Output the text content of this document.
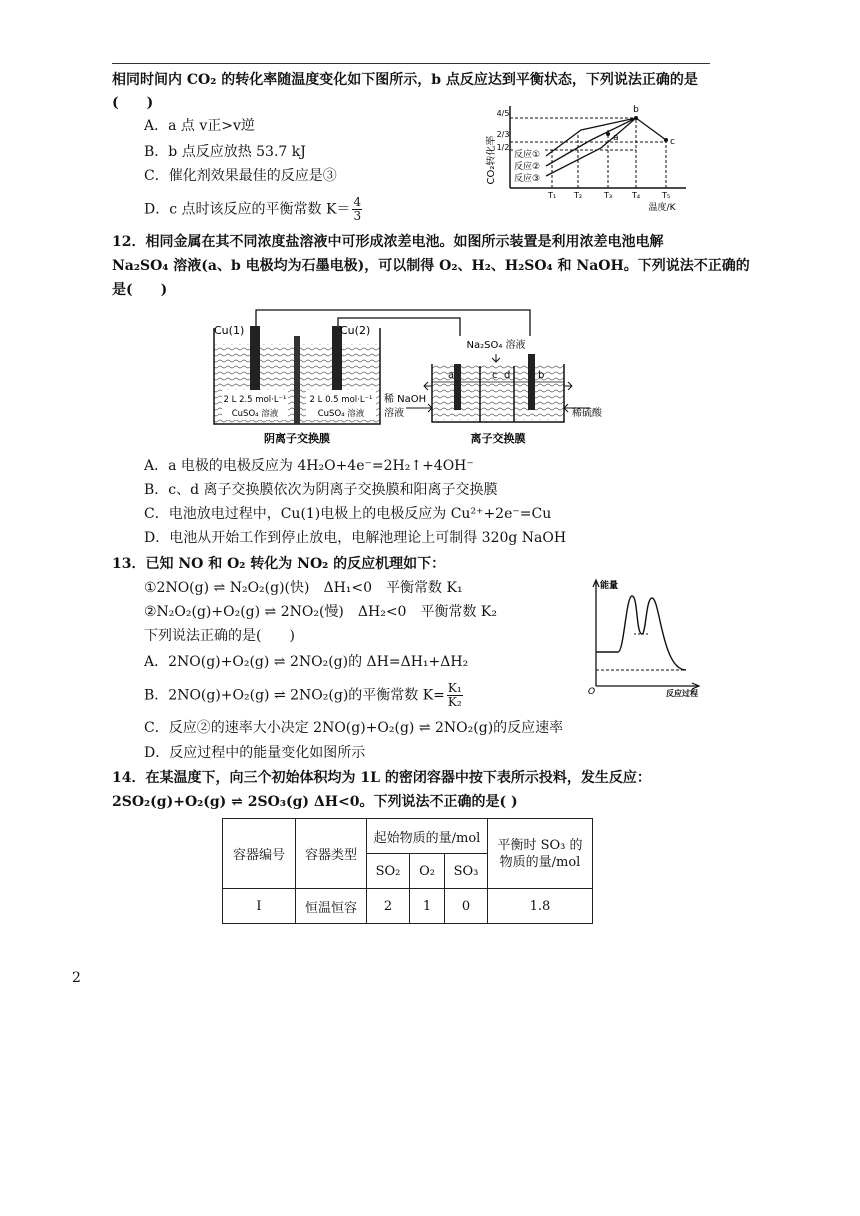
相同时间内 CO₂ 的转化率随温度变化如下图所示，b 点反应达到平衡状态，下列说法正确的是
(　　)
A．a 点 v正>v逆
B．b 点反应放热 53.7 kJ
C．催化剂效果最佳的反应是③
D．c 点时该反应的平衡常数 $K= \frac{4}{3}$
CO₂转化率
4/5
2/3
1/2
b
a	c
反应①
反应②
反应③
T₁ T₂	T₃ T₄	T₅
温度/K
12．相同金属在其不同浓度盐溶液中可形成浓差电池。如图所示装置是利用浓差电池电解
Na₂SO₄ 溶液(a、b 电极均为石墨电极)，可以制得 O₂、H₂、H₂SO₄ 和 NaOH。下列说法不正确的
是(　　)
Cu(1)	Cu(2)
2 L 2.5 mol·L⁻¹
CuSO₄ 溶液
2 L 0.5 mol·L⁻¹
CuSO₄ 溶液
阴离子交换膜
Na₂SO₄ 溶液
a	c d	b
稀 NaOH
溶液	稀硫酸
离子交换膜
A．a 电极的电极反应为 4H₂O+4e⁻=2H₂↑+4OH⁻
B．c、d 离子交换膜依次为阴离子交换膜和阳离子交换膜
C．电池放电过程中，Cu(1)电极上的电极反应为 Cu²⁺+2e⁻=Cu
D．电池从开始工作到停止放电，电解池理论上可制得 320g NaOH
13．已知 NO 和 O₂ 转化为 NO₂ 的反应机理如下：
①2NO(g) ⇌ N₂O₂(g)(快)　ΔH₁<0　平衡常数 K₁
②N₂O₂(g)+O₂(g) ⇌ 2NO₂(慢)　ΔH₂<0　平衡常数 K₂
下列说法正确的是(　　)
A．2NO(g)+O₂(g) ⇌ 2NO₂(g)的 ΔH=ΔH₁+ΔH₂
B．2NO(g)+O₂(g) ⇌ 2NO₂(g)的平衡常数 $K= \frac{\text{K₁}}{\text{K₂}}$
C．反应②的速率大小决定 2NO(g)+O₂(g) ⇌ 2NO₂(g)的反应速率
D．反应过程中的能量变化如图所示
能量
O	反应过程
14．在某温度下，向三个初始体积均为 1L 的密闭容器中按下表所示投料，发生反应：
2SO₂(g)+O₂(g) ⇌ 2SO₃(g) ΔH<0。下列说法不正确的是( )
容器编号	容器类型	起始物质的量/mol			平衡时 SO₃ 的
物质的量/mol

		SO₂	O₂	SO₃	
I	恒温恒容	2	1	0	1.8
2
